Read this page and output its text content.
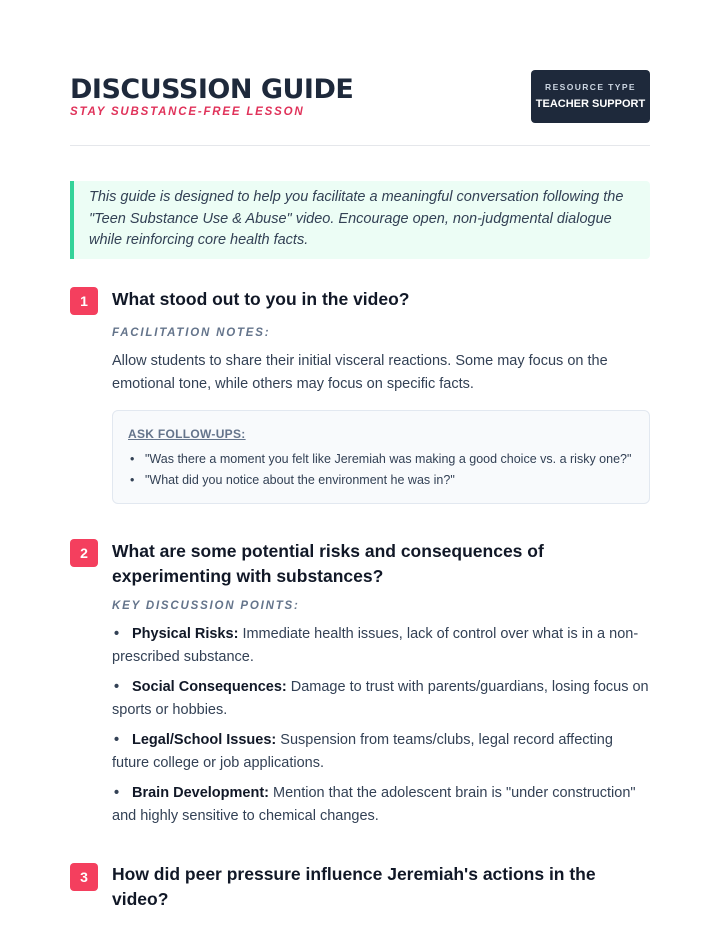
DISCUSSION GUIDE
STAY SUBSTANCE-FREE LESSON
RESOURCE TYPE
TEACHER SUPPORT

This guide is designed to help you facilitate a meaningful conversation following the "Teen Substance Use & Abuse" video. Encourage open, non-judgmental dialogue while reinforcing core health facts.

1	What stood out to you in the video?
FACILITATION NOTES:
Allow students to share their initial visceral reactions. Some may focus on the emotional tone, while others may focus on specific facts.
ASK FOLLOW-UPS:
• "Was there a moment you felt like Jeremiah was making a good choice vs. a risky one?"
• "What did you notice about the environment he was in?"
2	What are some potential risks and consequences of experimenting with substances?
KEY DISCUSSION POINTS:
• Physical Risks: Immediate health issues, lack of control over what is in a non-prescribed substance.
• Social Consequences: Damage to trust with parents/guardians, losing focus on sports or hobbies.
• Legal/School Issues: Suspension from teams/clubs, legal record affecting future college or job applications.
• Brain Development: Mention that the adolescent brain is "under construction" and highly sensitive to chemical changes.
3	How did peer pressure influence Jeremiah's actions in the video?
